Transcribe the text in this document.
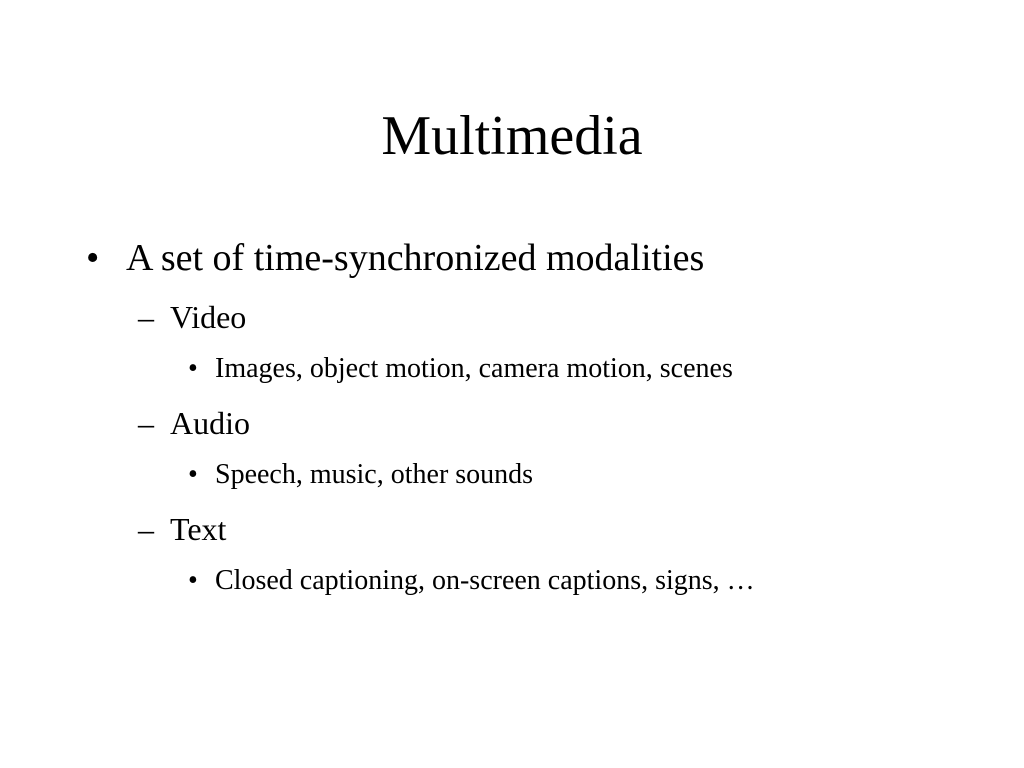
Multimedia
• A set of time-synchronized modalities
– Video
• Images, object motion, camera motion, scenes
– Audio
• Speech, music, other sounds
– Text
• Closed captioning, on-screen captions, signs, …
